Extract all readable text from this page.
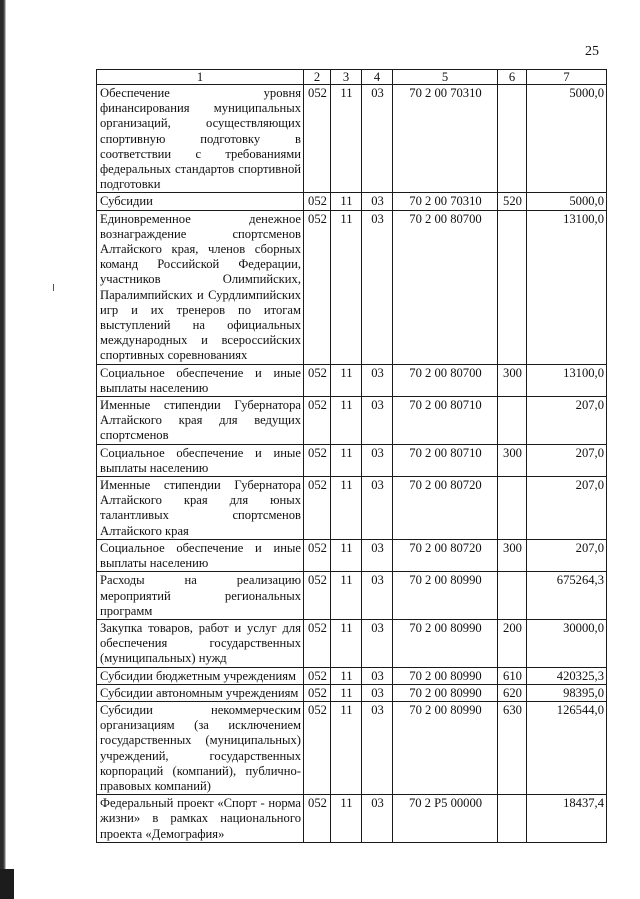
25
1	2	3	4	5	6	7
Обеспечение уровня финансирования муниципальных организаций, осуществляющих спортивную подготовку в соответствии с требованиями федеральных стандартов спортивной подготовки	052	11	03	70 2 00 70310		5000,0
Субсидии	052	11	03	70 2 00 70310	520	5000,0
Единовременное денежное вознаграждение спортсменов Алтайского края, членов сборных команд Российской Федерации, участников Олимпийских, Паралимпийских и Сурдлимпийских игр и их тренеров по итогам выступлений на официальных международных и всероссийских спортивных соревнованиях	052	11	03	70 2 00 80700		13100,0
Социальное обеспечение и иные выплаты населению	052	11	03	70 2 00 80700	300	13100,0
Именные стипендии Губернатора Алтайского края для ведущих спортсменов	052	11	03	70 2 00 80710		207,0
Социальное обеспечение и иные выплаты населению	052	11	03	70 2 00 80710	300	207,0
Именные стипендии Губернатора Алтайского края для юных талантливых спортсменов Алтайского края	052	11	03	70 2 00 80720		207,0
Социальное обеспечение и иные выплаты населению	052	11	03	70 2 00 80720	300	207,0
Расходы на реализацию мероприятий региональных программ	052	11	03	70 2 00 80990		675264,3
Закупка товаров, работ и услуг для обеспечения государственных (муниципальных) нужд	052	11	03	70 2 00 80990	200	30000,0
Субсидии бюджетным учреждениям	052	11	03	70 2 00 80990	610	420325,3
Субсидии автономным учреждениям	052	11	03	70 2 00 80990	620	98395,0
Субсидии некоммерческим организациям (за исключением государственных (муниципальных) учреждений, государственных корпораций (компаний), публично-правовых компаний)	052	11	03	70 2 00 80990	630	126544,0
Федеральный проект «Спорт - норма жизни» в рамках национального проекта «Демография»	052	11	03	70 2 P5 00000		18437,4
